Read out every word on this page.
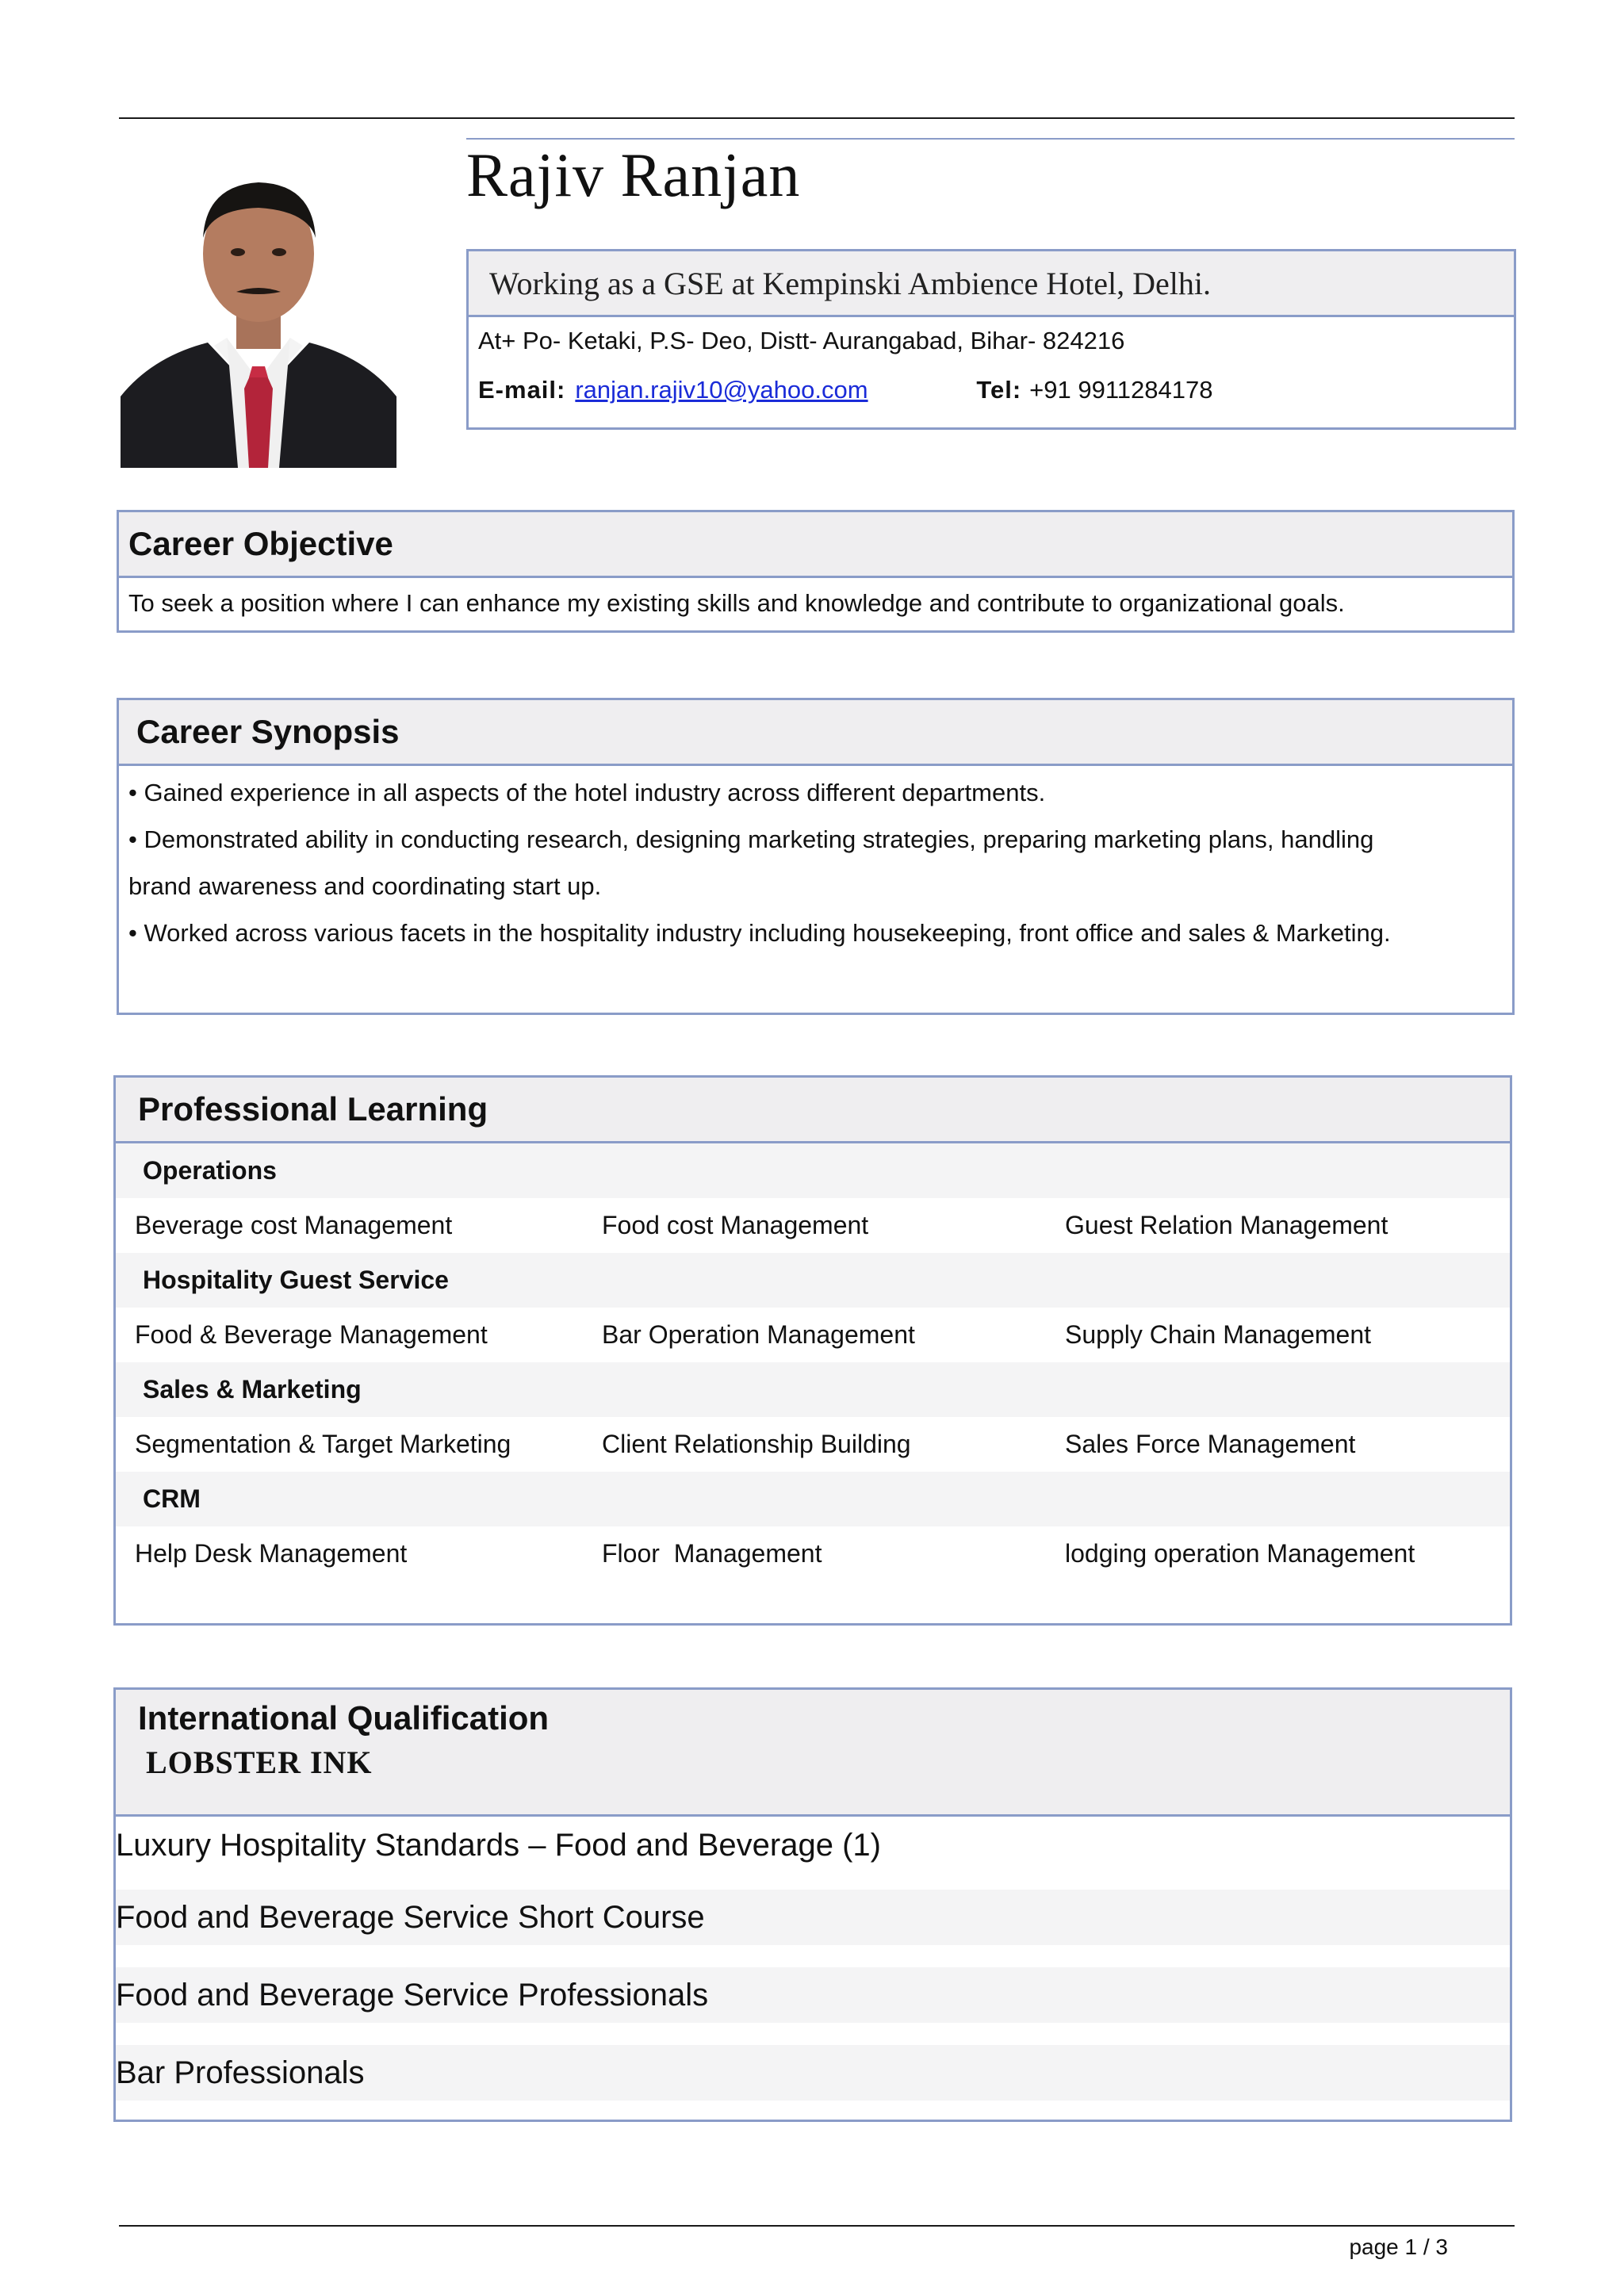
Rajiv Ranjan
Working as a GSE at Kempinski Ambience Hotel, Delhi.
At+ Po- Ketaki, P.S- Deo, Distt- Aurangabad, Bihar- 824216
E-mail: ranjan.rajiv10@yahoo.com	Tel: +91 9911284178
Career Objective
To seek a position where I can enhance my existing skills and knowledge and contribute to organizational goals.
Career Synopsis
• Gained experience in all aspects of the hotel industry across different departments.
• Demonstrated ability in conducting research, designing marketing strategies, preparing marketing plans, handling brand awareness and coordinating start up.
• Worked across various facets in the hospitality industry including housekeeping, front office and sales & Marketing.
Professional Learning
Operations		
Beverage cost Management	Food cost Management	Guest Relation Management
Hospitality Guest Service		
Food & Beverage Management	Bar Operation Management	Supply Chain Management
Sales & Marketing		
Segmentation & Target Marketing	Client Relationship Building	Sales Force Management
CRM		
Help Desk Management	Floor  Management	lodging operation Management
International Qualification
LOBSTER INK
Luxury Hospitality Standards – Food and Beverage (1)
Food and Beverage Service Short Course
Food and Beverage Service Professionals
Bar Professionals
page 1 / 3
